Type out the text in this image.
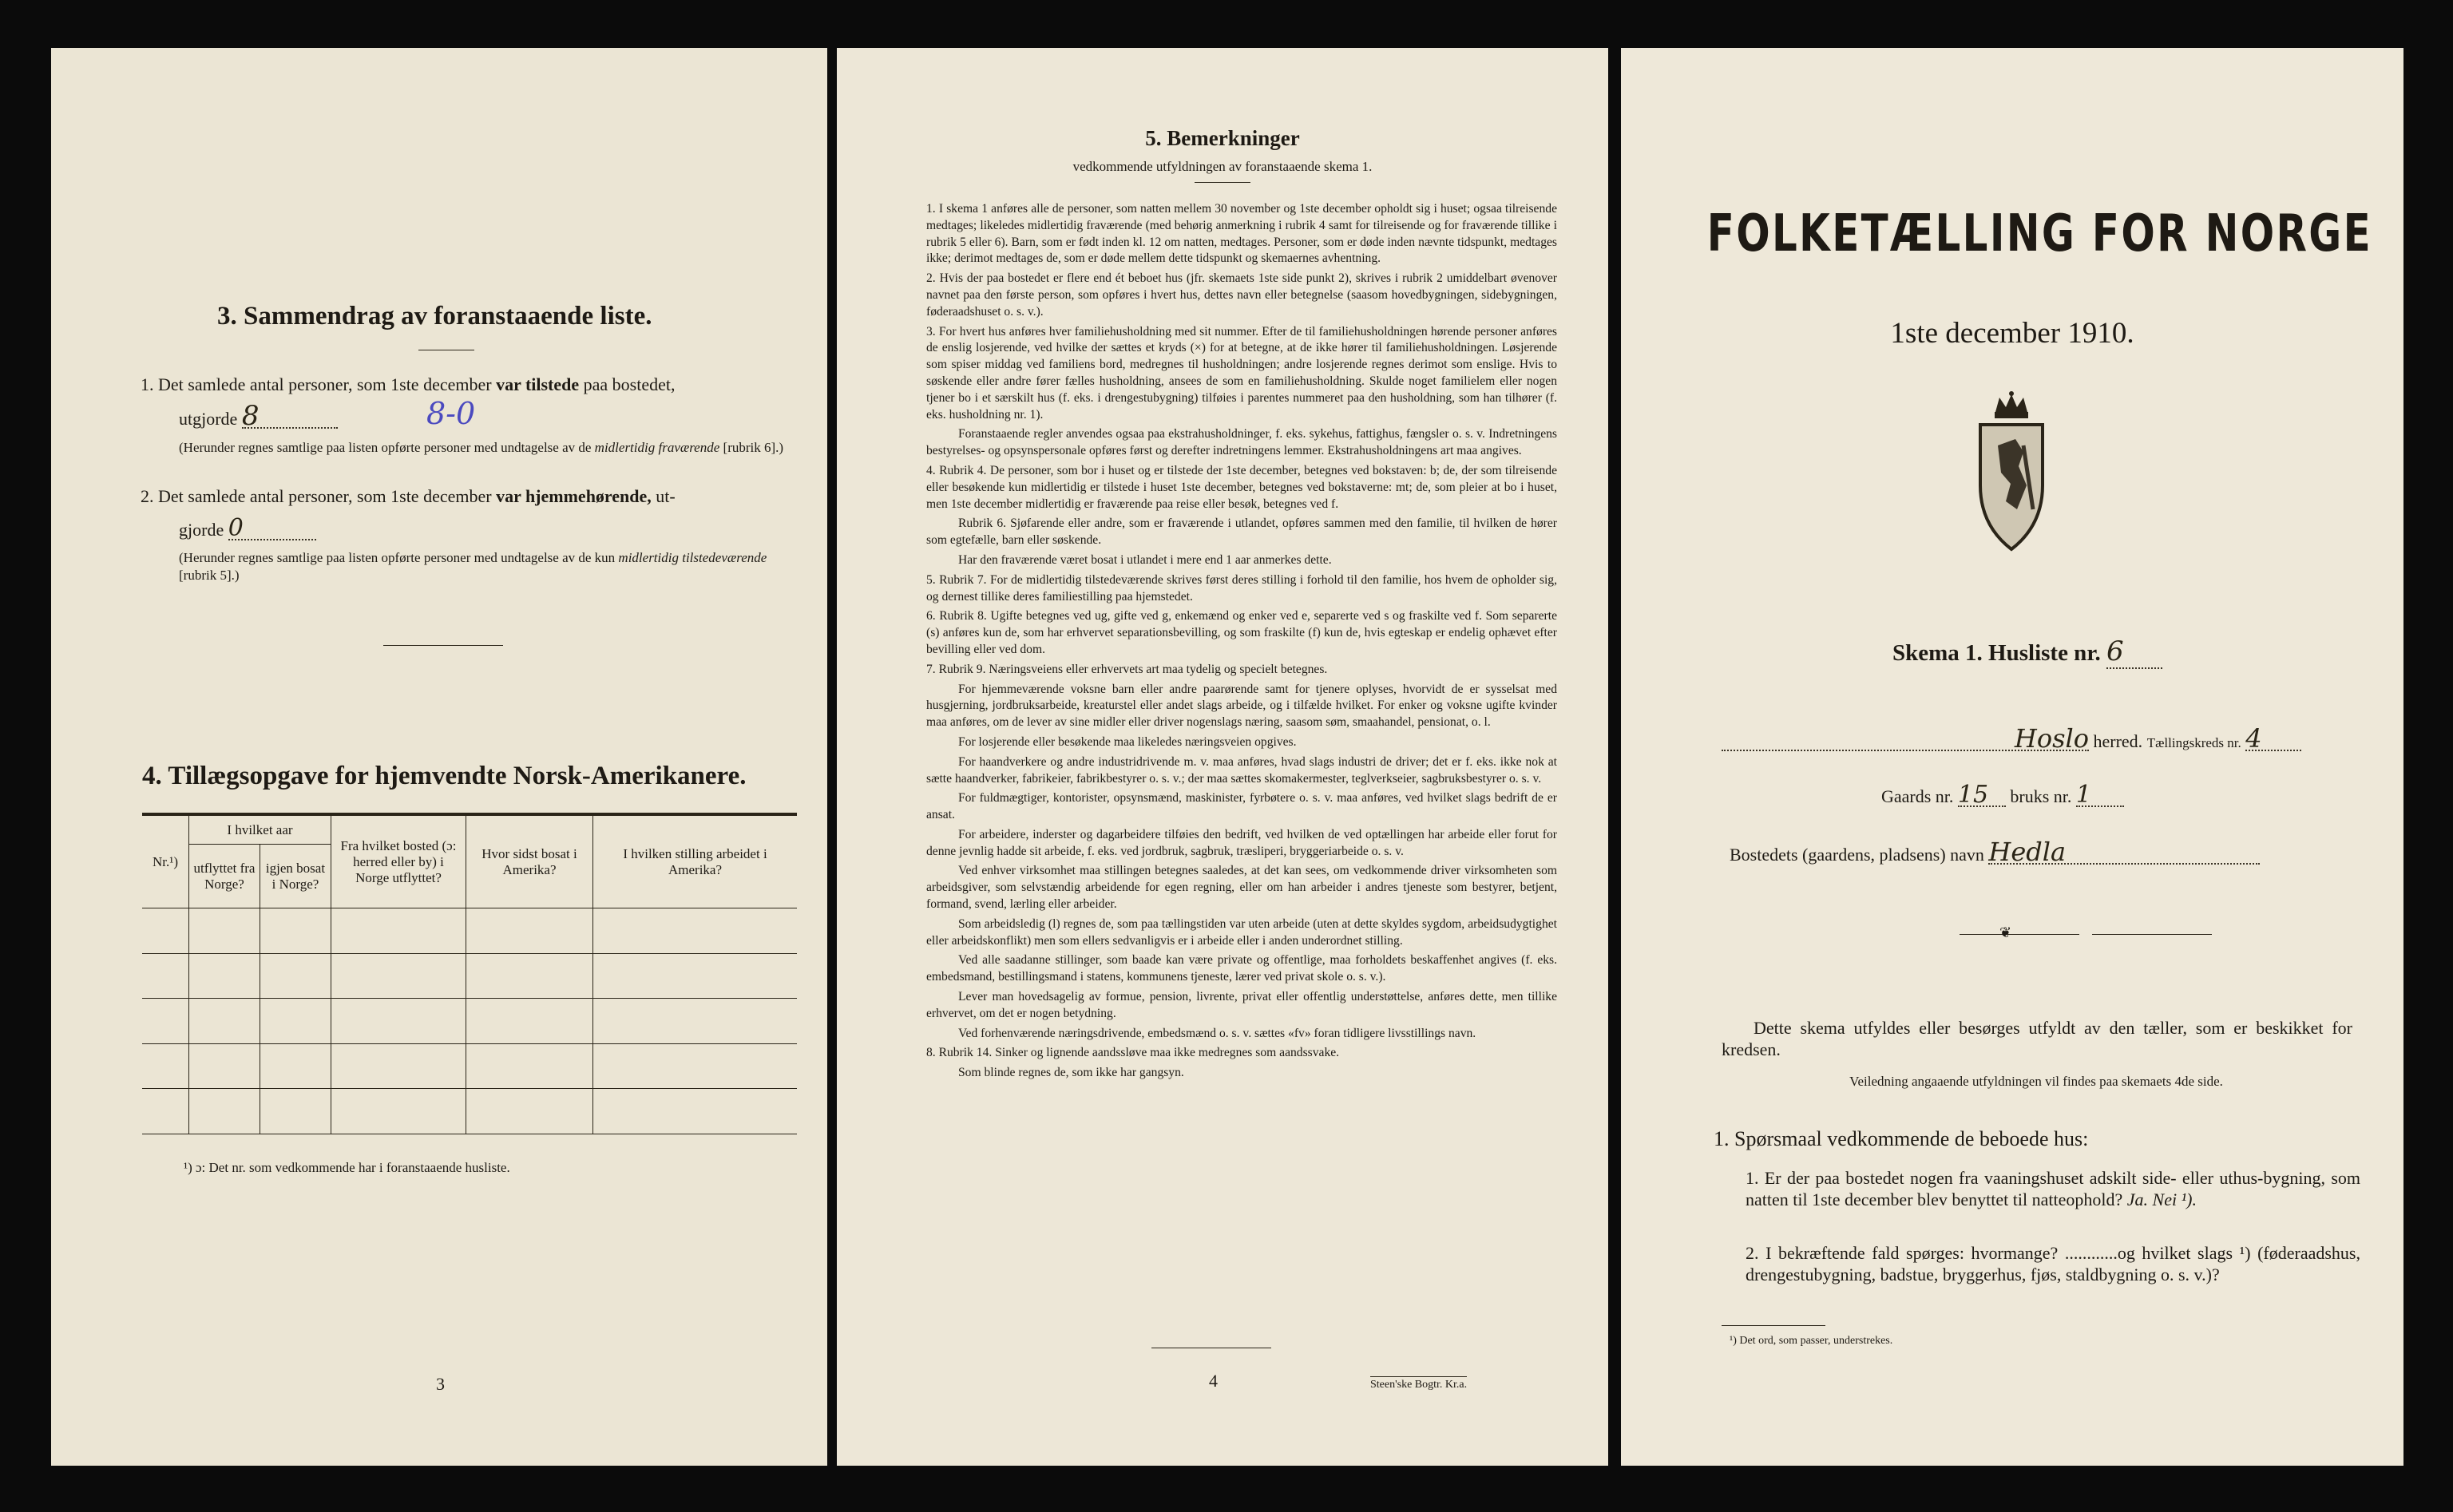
3. Sammendrag av foranstaaende liste.
1. Det samlede antal personer, som 1ste december var tilstede paa bostedet,
utgjorde 8	8-0
(Herunder regnes samtlige paa listen opførte personer med undtagelse av de midlertidig fraværende [rubrik 6].)
2. Det samlede antal personer, som 1ste december var hjemmehørende, ut-
gjorde 0
(Herunder regnes samtlige paa listen opførte personer med undtagelse av de kun midlertidig tilstedeværende [rubrik 5].)
4. Tillægsopgave for hjemvendte Norsk-Amerikanere.
Nr.¹)	I hvilket aar		Fra hvilket bosted (ɔ: herred eller by) i Norge utflyttet?	Hvor sidst bosat i Amerika?	I hvilken stilling arbeidet i Amerika?
	utflyttet fra Norge?	igjen bosat i Norge?			

¹) ɔ: Det nr. som vedkommende har i foranstaaende husliste.
3
5. Bemerkninger
vedkommende utfyldningen av foranstaaende skema 1.

1. I skema 1 anføres alle de personer, som natten mellem 30 november og 1ste december opholdt sig i huset; ogsaa tilreisende medtages; likeledes midlertidig fraværende (med behørig anmerkning i rubrik 4 samt for tilreisende og for fraværende tillike i rubrik 5 eller 6). Barn, som er født inden kl. 12 om natten, medtages. Personer, som er døde inden nævnte tidspunkt, medtages ikke; derimot medtages de, som er døde mellem dette tidspunkt og skemaernes avhentning.

2. Hvis der paa bostedet er flere end ét beboet hus (jfr. skemaets 1ste side punkt 2), skrives i rubrik 2 umiddelbart øvenover navnet paa den første person, som opføres i hvert hus, dettes navn eller betegnelse (saasom hovedbygningen, sidebygningen, føderaadshuset o. s. v.).

3. For hvert hus anføres hver familiehusholdning med sit nummer. Efter de til familiehusholdningen hørende personer anføres de enslig losjerende, ved hvilke der sættes et kryds (×) for at betegne, at de ikke hører til familiehusholdningen. Løsjerende som spiser middag ved familiens bord, medregnes til husholdningen; andre losjerende regnes derimot som enslige. Hvis to søskende eller andre fører fælles husholdning, ansees de som en familiehusholdning. Skulde noget familielem eller nogen tjener bo i et særskilt hus (f. eks. i drengestubygning) tilføies i parentes nummeret paa den husholdning, som han tilhører (f. eks. husholdning nr. 1).

Foranstaaende regler anvendes ogsaa paa ekstrahusholdninger, f. eks. sykehus, fattighus, fængsler o. s. v. Indretningens bestyrelses- og opsynspersonale opføres først og derefter indretningens lemmer. Ekstrahusholdningens art maa angives.

4. Rubrik 4. De personer, som bor i huset og er tilstede der 1ste december, betegnes ved bokstaven: b; de, der som tilreisende eller besøkende kun midlertidig er tilstede i huset 1ste december, betegnes ved bokstaverne: mt; de, som pleier at bo i huset, men 1ste december midlertidig er fraværende paa reise eller besøk, betegnes ved f.

Rubrik 6. Sjøfarende eller andre, som er fraværende i utlandet, opføres sammen med den familie, til hvilken de hører som egtefælle, barn eller søskende.

Har den fraværende været bosat i utlandet i mere end 1 aar anmerkes dette.

5. Rubrik 7. For de midlertidig tilstedeværende skrives først deres stilling i forhold til den familie, hos hvem de opholder sig, og dernest tillike deres familiestilling paa hjemstedet.

6. Rubrik 8. Ugifte betegnes ved ug, gifte ved g, enkemænd og enker ved e, separerte ved s og fraskilte ved f. Som separerte (s) anføres kun de, som har erhvervet separationsbevilling, og som fraskilte (f) kun de, hvis egteskap er endelig ophævet efter bevilling eller ved dom.

7. Rubrik 9. Næringsveiens eller erhvervets art maa tydelig og specielt betegnes.

For hjemmeværende voksne barn eller andre paarørende samt for tjenere oplyses, hvorvidt de er sysselsat med husgjerning, jordbruksarbeide, kreaturstel eller andet slags arbeide, og i tilfælde hvilket. For enker og voksne ugifte kvinder maa anføres, om de lever av sine midler eller driver nogenslags næring, saasom søm, smaahandel, pensionat, o. l.

For losjerende eller besøkende maa likeledes næringsveien opgives.

For haandverkere og andre industridrivende m. v. maa anføres, hvad slags industri de driver; det er f. eks. ikke nok at sætte haandverker, fabrikeier, fabrikbestyrer o. s. v.; der maa sættes skomakermester, teglverkseier, sagbruksbestyrer o. s. v.

For fuldmægtiger, kontorister, opsynsmænd, maskinister, fyrbøtere o. s. v. maa anføres, ved hvilket slags bedrift de er ansat.

For arbeidere, inderster og dagarbeidere tilføies den bedrift, ved hvilken de ved optællingen har arbeide eller forut for denne jevnlig hadde sit arbeide, f. eks. ved jordbruk, sagbruk, træsliperi, bryggeriarbeide o. s. v.

Ved enhver virksomhet maa stillingen betegnes saaledes, at det kan sees, om vedkommende driver virksomheten som arbeidsgiver, som selvstændig arbeidende for egen regning, eller om han arbeider i andres tjeneste som bestyrer, betjent, formand, svend, lærling eller arbeider.

Som arbeidsledig (l) regnes de, som paa tællingstiden var uten arbeide (uten at dette skyldes sygdom, arbeidsudygtighet eller arbeidskonflikt) men som ellers sedvanligvis er i arbeide eller i anden underordnet stilling.

Ved alle saadanne stillinger, som baade kan være private og offentlige, maa forholdets beskaffenhet angives (f. eks. embedsmand, bestillingsmand i statens, kommunens tjeneste, lærer ved privat skole o. s. v.).

Lever man hovedsagelig av formue, pension, livrente, privat eller offentlig understøttelse, anføres dette, men tillike erhvervet, om det er nogen betydning.

Ved forhenværende næringsdrivende, embedsmænd o. s. v. sættes «fv» foran tidligere livsstillings navn.

8. Rubrik 14. Sinker og lignende aandssløve maa ikke medregnes som aandssvake.

Som blinde regnes de, som ikke har gangsyn.

4	Steen'ske Bogtr. Kr.a.
FOLKETÆLLING FOR NORGE
1ste december 1910.
Skema 1. Husliste nr. 6
Hoslo herred. Tællingskreds nr. 4
Gaards nr. 15 bruks nr. 1
Bostedets (gaardens, pladsens) navn Hedla
❦
Dette skema utfyldes eller besørges utfyldt av den tæller, som er beskikket for kredsen.
Veiledning angaaende utfyldningen vil findes paa skemaets 4de side.
1. Spørsmaal vedkommende de beboede hus:
1. Er der paa bostedet nogen fra vaaningshuset adskilt side- eller uthus-bygning, som natten til 1ste december blev benyttet til natteophold? Ja. Nei ¹).
2. I bekræftende fald spørges: hvormange? ............og hvilket slags ¹) (føderaadshus, drengestubygning, badstue, bryggerhus, fjøs, staldbygning o. s. v.)?
¹) Det ord, som passer, understrekes.
